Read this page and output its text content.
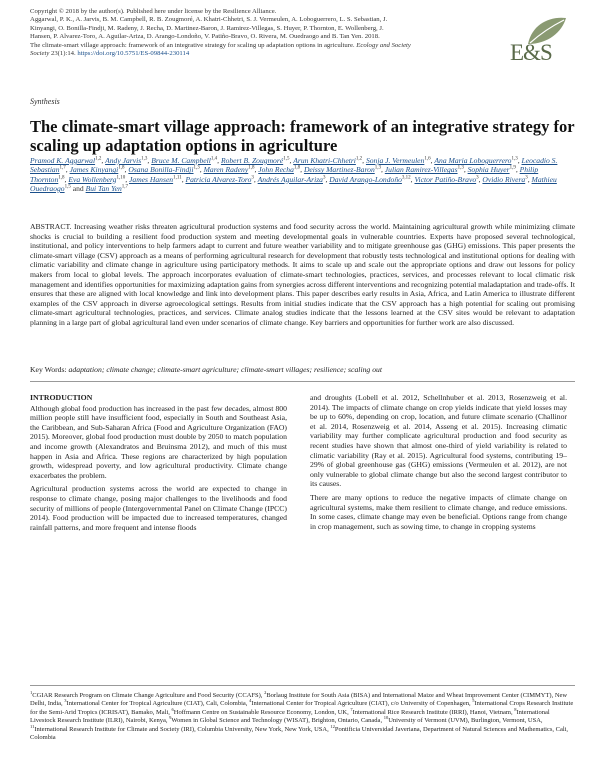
Copyright © 2018 by the author(s). Published here under license by the Resilience Alliance.

Aggarwal, P. K., A. Jarvis, B. M. Campbell, R. B. Zougmoré, A. Khatri-Chhetri, S. J. Vermeulen, A. Loboguerrero, L. S. Sebastian, J.

Kinyangi, O. Bonilla-Findji, M. Radeny, J. Recha, D. Martinez-Baron, J. Ramirez-Villegas, S. Huyer, P. Thornton, E. Wollenberg, J.

Hansen, P. Alvarez-Toro, A. Aguilar-Ariza, D. Arango-Londoño, V. Patiño-Bravo, O. Rivera, M. Ouedraogo and B. Tan Yen. 2018.

The climate-smart village approach: framework of an integrative strategy for scaling up adaptation options in agriculture. Ecology and Society

Society 23(1):14. https://doi.org/10.5751/ES-09844-230114	E&S
Synthesis
The climate-smart village approach: framework of an integrative strategy for scaling up adaptation options in agriculture
Pramod K. Aggarwal$^{1,2}$, Andy Jarvis$^{1,3}$, Bruce M. Campbell$^{1,4}$, Robert B. Zougmoré$^{1,5}$, Arun Khatri-Chhetri$^{1,2}$, Sonja J. Vermeulen$^{1,6}$, Ana Maria Loboguerrero$^{1,3}$, Leocadio S. Sebastian$^{1,7}$, James Kinyangi$^{1,8}$, Osana Bonilla-Findji$^{1,3}$, Maren Radeny$^{1,8}$, John Recha$^{1,8}$, Deissy Martinez-Baron$^{1,3}$, Julian Ramirez-Villegas$^{1,3}$, Sophia Huyer$^{1,9}$, Philip Thornton$^{1,8}$, Eva Wollenberg$^{1,10}$, James Hansen$^{1,11}$, Patricia Alvarez-Toro$^3$, Andrés Aguilar-Ariza$^3$, David Arango-Londoño$^{3,12}$, Victor Patiño-Bravo$^3$, Ovidio Rivera$^3$, Mathieu Ouedraogo$^{1,5}$ and Bui Tan Yen$^{1,7}$
ABSTRACT. Increasing weather risks threaten agricultural production systems and food security across the world. Maintaining agricultural growth while minimizing climate shocks is crucial to building a resilient food production system and meeting developmental goals in vulnerable countries. Experts have proposed several technological, institutional, and policy interventions to help farmers adapt to current and future weather variability and to mitigate greenhouse gas (GHG) emissions. This paper presents the climate-smart village (CSV) approach as a means of performing agricultural research for development that robustly tests technological and institutional options for dealing with climatic variability and climate change in agriculture using participatory methods. It aims to scale up and scale out the appropriate options and draw out lessons for policy makers from local to global levels. The approach incorporates evaluation of climate-smart technologies, practices, services, and processes relevant to local climatic risk management and identifies opportunities for maximizing adaptation gains from synergies across different interventions and recognizing potential maladaptation and trade-offs. It ensures that these are aligned with local knowledge and link into development plans. This paper describes early results in Asia, Africa, and Latin America to illustrate different examples of the CSV approach in diverse agroecological settings. Results from initial studies indicate that the CSV approach has a high potential for scaling out promising climate-smart agricultural technologies, practices, and services. Climate analog studies indicate that the lessons learned at the CSV sites would be relevant to adaptation planning in a large part of global agricultural land even under scenarios of climate change. Key barriers and opportunities for further work are also discussed.
Key Words: adaptation; climate change; climate-smart agriculture; climate-smart villages; resilience; scaling out
INTRODUCTION

Although global food production has increased in the past few decades, almost 800 million people still have insufficient food, especially in South and Southeast Asia, the Caribbean, and Sub-Saharan Africa (Food and Agriculture Organization (FAO) 2015). Moreover, global food production must double by 2050 to match population and income growth (Alexandratos and Bruinsma 2012), and much of this must happen in Asia and Africa. These regions are characterized by high population growth, widespread poverty, and low agricultural productivity. Climate change exacerbates the problem.

Agricultural production systems across the world are expected to change in response to climate change, posing major challenges to the livelihoods and food security of millions of people (Intergovernmental Panel on Climate Change (IPCC) 2014). Food production will be impacted due to increased temperatures, changed rainfall patterns, and more frequent and intense floods

and droughts (Lobell et al. 2012, Schellnhuber et al. 2013, Rosenzweig et al. 2014). The impacts of climate change on crop yields indicate that yield losses may be up to 60%, depending on crop, location, and future climate scenario (Challinor et al. 2014, Rosenzweig et al. 2014, Asseng et al. 2015). Increasing climatic variability may further complicate agricultural production and food security as recent studies have shown that almost one-third of yield variability is related to climatic variability (Ray et al. 2015). Agricultural food systems, contributing 19–29% of global greenhouse gas (GHG) emissions (Vermeulen et al. 2012), are not only vulnerable to global climate change but also the second largest contributor to its causes.

There are many options to reduce the negative impacts of climate change on agricultural systems, make them resilient to climate change, and reduce emissions. In some cases, climate change may even be beneficial. Options range from change in crop management, such as sowing time, to change in cropping systems

$^1$CGIAR Research Program on Climate Change Agriculture and Food Security (CCAFS), $^2$Borlaug Institute for South Asia (BISA) and International Maize and Wheat Improvement Center (CIMMYT), New Delhi, India, $^3$International Center for Tropical Agriculture (CIAT), Cali, Colombia, $^4$International Center for Tropical Agriculture (CIAT), c/o University of Copenhagen, $^5$International Crops Research Institute for the Semi-Arid Tropics (ICRISAT), Bamako, Mali, $^6$Hoffmann Centre on Sustainable Resource Economy, London, UK, $^7$International Rice Research Institute (IRRI), Hanoi, Vietnam, $^8$International Livestock Research Institute (ILRI), Nairobi, Kenya, $^9$Women in Global Science and Technology (WISAT), Brighton, Ontario, Canada, $^{10}$University of Vermont (UVM), Burlington, Vermont, USA, $^{11}$International Research Institute for Climate and Society (IRI), Columbia University, New York, New York, USA, $^{12}$Pontificia Universidad Javeriana, Department of Natural Sciences and Mathematics, Cali, Colombia
